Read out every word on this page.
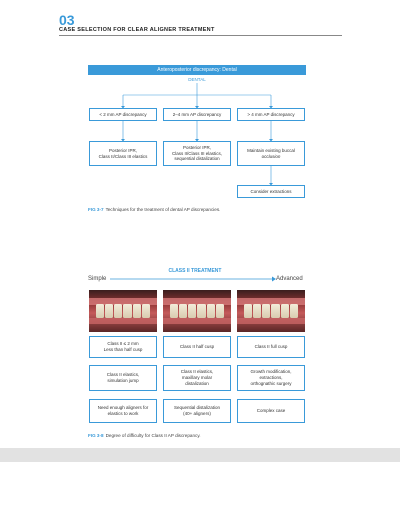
03
CASE SELECTION FOR CLEAR ALIGNER TREATMENT
Anteroposterior discrepancy: Dental
DENTAL
< 2 mm AP discrepancy	2–4 mm AP discrepancy	> 4 mm AP discrepancy
Posterior IPR,
Class II/Class III elastics
Posterior IPR,
Class II/Class III elastics,
sequential distalization
Maintain existing buccal
occlusion
Consider extractions
FIG 3-7 Techniques for the treatment of dental AP discrepancies.
CLASS II TREATMENT
Simple	Advanced
Class II ≤ 2 mm
Less than half cusp
Class II half cusp	Class II full cusp
Class II elastics,
simulation jump
Class II elastics,
maxillary molar
distalization
Growth modification,
extractions,
orthognathic surgery
Need enough aligners for
elastics to work
Sequential distalization
(40+ aligners)
Complex case
FIG 3-8 Degree of difficulty for Class II AP discrepancy.
